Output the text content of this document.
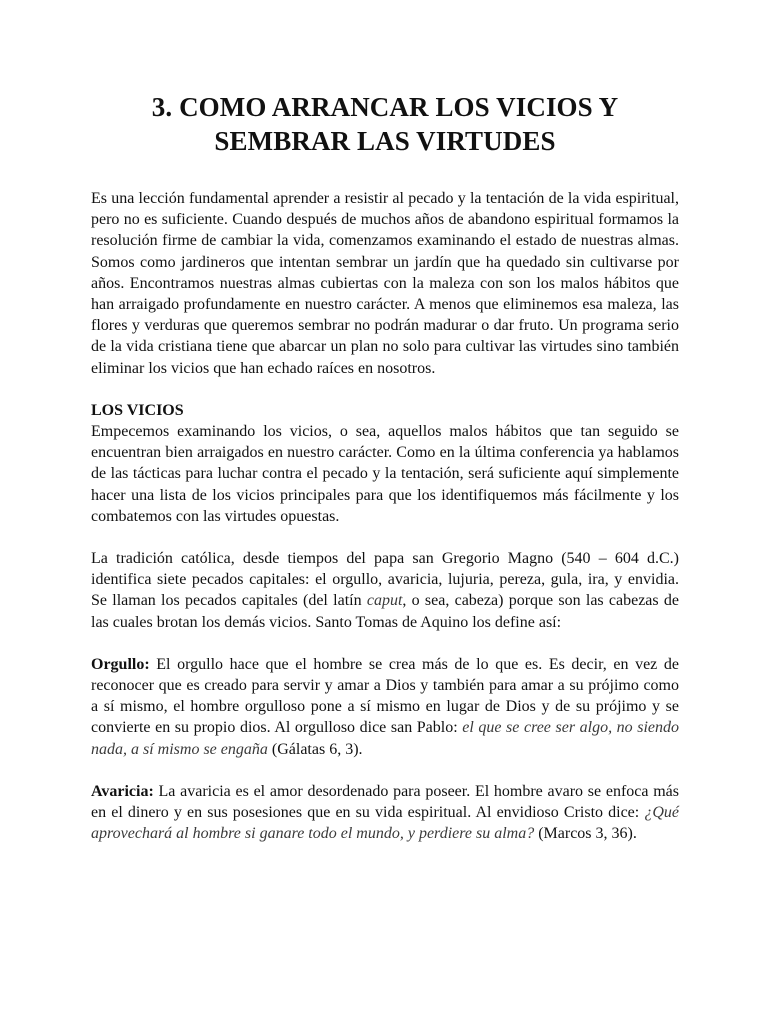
3. COMO ARRANCAR LOS VICIOS Y
SEMBRAR LAS VIRTUDES

Es una lección fundamental aprender a resistir al pecado y la tentación de la vida espiritual, pero no es suficiente. Cuando después de muchos años de abandono espiritual formamos la resolución firme de cambiar la vida, comenzamos examinando el estado de nuestras almas. Somos como jardineros que intentan sembrar un jardín que ha quedado sin cultivarse por años. Encontramos nuestras almas cubiertas con la maleza con son los malos hábitos que han arraigado profundamente en nuestro carácter. A menos que eliminemos esa maleza, las flores y verduras que queremos sembrar no podrán madurar o dar fruto. Un programa serio de la vida cristiana tiene que abarcar un plan no solo para cultivar las virtudes sino también eliminar los vicios que han echado raíces en nosotros.

LOS VICIOS

Empecemos examinando los vicios, o sea, aquellos malos hábitos que tan seguido se encuentran bien arraigados en nuestro carácter. Como en la última conferencia ya hablamos de las tácticas para luchar contra el pecado y la tentación, será suficiente aquí simplemente hacer una lista de los vicios principales para que los identifiquemos más fácilmente y los combatemos con las virtudes opuestas.

La tradición católica, desde tiempos del papa san Gregorio Magno (540 – 604 d.C.) identifica siete pecados capitales: el orgullo, avaricia, lujuria, pereza, gula, ira, y envidia. Se llaman los pecados capitales (del latín caput, o sea, cabeza) porque son las cabezas de las cuales brotan los demás vicios. Santo Tomas de Aquino los define así:

Orgullo: El orgullo hace que el hombre se crea más de lo que es. Es decir, en vez de reconocer que es creado para servir y amar a Dios y también para amar a su prójimo como a sí mismo, el hombre orgulloso pone a sí mismo en lugar de Dios y de su prójimo y se convierte en su propio dios. Al orgulloso dice san Pablo: el que se cree ser algo, no siendo nada, a sí mismo se engaña (Gálatas 6, 3).

Avaricia: La avaricia es el amor desordenado para poseer. El hombre avaro se enfoca más en el dinero y en sus posesiones que en su vida espiritual. Al envidioso Cristo dice: ¿Qué aprovechará al hombre si ganare todo el mundo, y perdiere su alma? (Marcos 3, 36).
